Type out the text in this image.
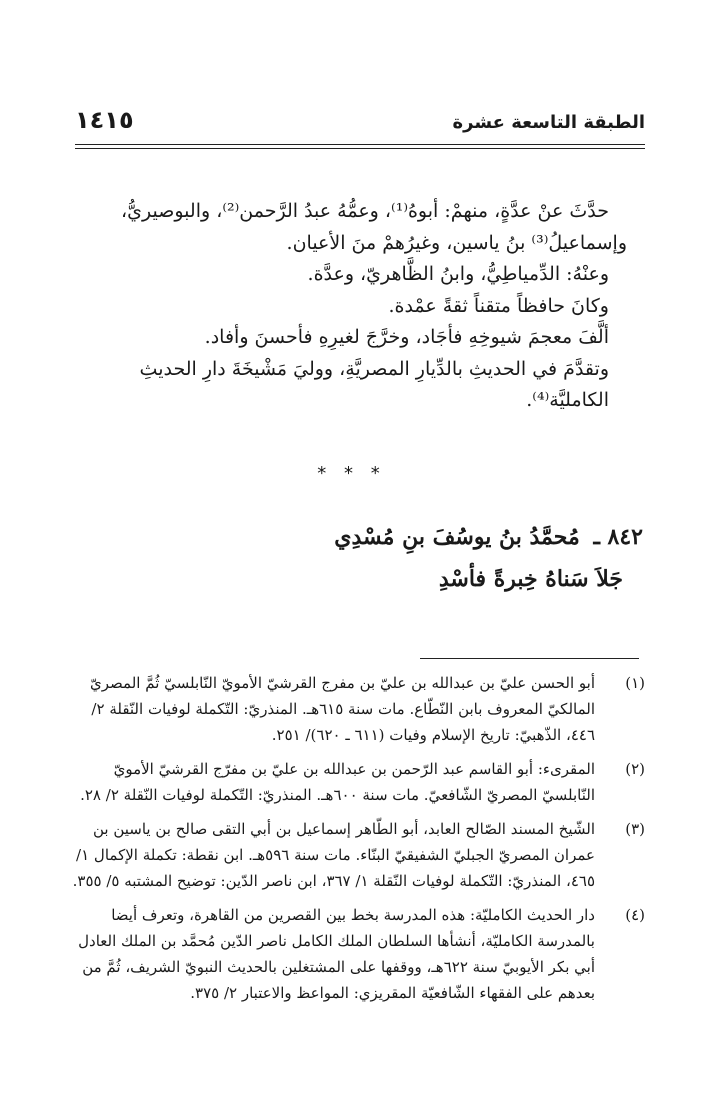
الطبقة التاسعة عشرة
١٤١٥

حدَّثَ عنْ عدَّةٍ، منهمْ: أبوهُ⁽¹⁾، وعمُّهُ عبدُ الرَّحمن⁽²⁾، والبوصيريُّ،

وإسماعيلُ⁽³⁾ بنُ ياسين، وغيرُهمْ منَ الأعيان.

وعنْهُ: الدِّمياطِيُّ، وابنُ الظَّاهريّ، وعدَّة.

وكانَ حافظاً متقناً ثقةً عمْدة.

ألَّفَ معجمَ شيوخِهِ فأجَاد، وخرَّجَ لغيرِهِ فأحسنَ وأفاد.

وتقدَّمَ في الحديثِ بالدِّيارِ المصريَّةِ، ووليَ مَشْيخَةَ دارِ الحديثِ الكامليَّة⁽⁴⁾.

* * *
٨٤٢ ـ مُحمَّدُ بنُ يوسُفَ بنِ مُسْدِي
جَلاَ سَناهُ خِبرةً فأسْدِ
(١)
أبو الحسن عليّ بن عبدالله بن عليّ بن مفرج القرشيّ الأمويّ النّابلسيّ ثُمَّ المصريّ المالكيّ المعروف بابن النّطّاع. مات سنة ٦١٥هـ. المنذريّ: التّكملة لوفيات النّقلة ٢/ ٤٤٦، الذّهبيّ: تاريخ الإسلام وفيات (٦١١ ـ ٦٢٠)/ ٢٥١.
(٢)
المقرىء: أبو القاسم عبد الرّحمن بن عبدالله بن عليّ بن مفرّج القرشيّ الأمويّ النّابلسيّ المصريّ الشّافعيّ. مات سنة ٦٠٠هـ. المنذريّ: التّكملة لوفيات النّقلة ٢/ ٢٨.
(٣)
الشّيخ المسند الصّالح العابد، أبو الطّاهر إسماعيل بن أبي التقى صالح بن ياسين بن عمران المصريّ الجبليّ الشفيقيّ البنّاء. مات سنة ٥٩٦هـ. ابن نقطة: تكملة الإكمال ١/ ٤٦٥، المنذريّ: التّكملة لوفيات النّقلة ١/ ٣٦٧، ابن ناصر الدّين: توضيح المشتبه ٥/ ٣٥٥.
(٤)
دار الحديث الكامليّة: هذه المدرسة بخط بين القصرين من القاهرة، وتعرف أيضا بالمدرسة الكامليّة، أنشأها السلطان الملك الكامل ناصر الدّين مُحمَّد بن الملك العادل أبي بكر الأيوبيّ سنة ٦٢٢هـ، ووقفها على المشتغلين بالحديث النبويّ الشريف، ثُمَّ من بعدهم على الفقهاء الشّافعيّة المقريزي: المواعظ والاعتبار ٢/ ٣٧٥.
